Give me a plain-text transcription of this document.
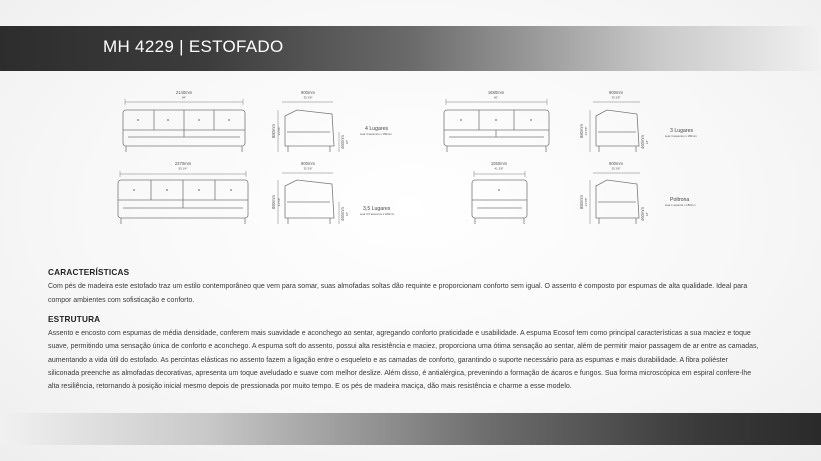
MH 4229 | ESTOFADO
2140mm
84"
900mm
35 3/8"
880mm 34 5/8"
460mm 18"
4 Lugares
seat 4 assentos x 180mm
1680mm
66"
900mm
35 3/8"
880mm 34 5/8"
460mm 18"
3 Lugares
seat 3 assentos x 180mm
2370mm
93 1/4"
900mm
35 3/8"
880mm 34 5/8"
460mm 18"
3,5 Lugares
seat 3,5 assentos x 180mm
1050mm
41 3/8"
900mm
35 3/8"
880mm 34 5/8"
460mm 18"
Poltrona
seat 1 assento x 180mm
CARACTERÍSTICAS
Com pés de madeira este estofado traz um estilo contemporâneo que vem para somar, suas almofadas soltas dão requinte e proporcionam conforto sem igual. O assento é composto por espumas de alta qualidade. Ideal para compor ambientes com sofisticação e conforto.
ESTRUTURA
Assento e encosto com espumas de média densidade, conferem mais suavidade e aconchego ao sentar, agregando conforto praticidade e usabilidade. A espuma Ecosof tem como principal características a sua maciez e toque suave, permitindo uma sensação única de conforto e aconchego. A espuma soft do assento, possui alta resistência e maciez, proporciona uma ótima sensação ao sentar, além de permitir maior passagem de ar entre as camadas, aumentando a vida útil do estofado. As percintas elásticas no assento fazem a ligação entre o esqueleto e as camadas de conforto, garantindo o suporte necessário para as espumas e mais durabilidade. A fibra poliéster siliconada preenche as almofadas decorativas, apresenta um toque aveludado e suave com melhor deslize. Além disso, é antialérgica, prevenindo a formação de ácaros e fungos. Sua forma microscópica em espiral confere-lhe alta resiliência, retornando à posição inicial mesmo depois de pressionada por muito tempo. E os pés de madeira maciça, dão mais resistência e charme a esse modelo.
